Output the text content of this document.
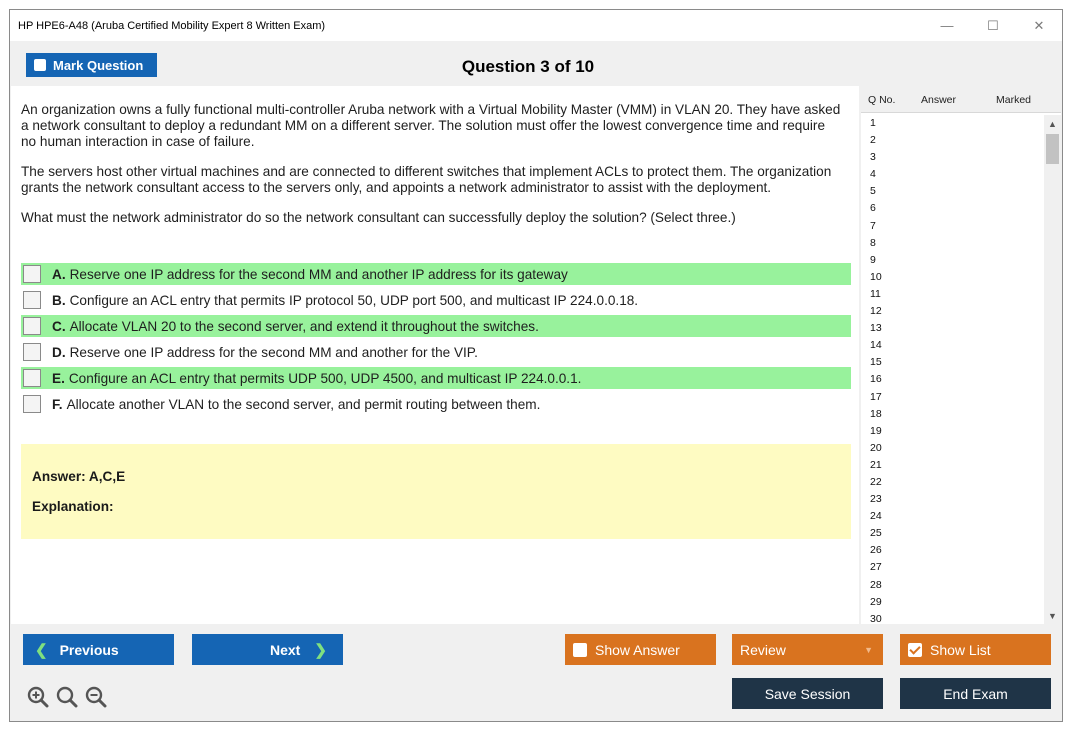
HP HPE6-A48 (Aruba Certified Mobility Expert 8 Written Exam)	—	☐	✕
Mark Question	Question 3 of 10

An organization owns a fully functional multi-controller Aruba network with a Virtual Mobility Master (VMM) in VLAN 20. They have asked a network consultant to deploy a redundant MM on a different server. The solution must offer the lowest convergence time and require no human interaction in case of failure.

The servers host other virtual machines and are connected to different switches that implement ACLs to protect them. The organization grants the network consultant access to the servers only, and appoints a network administrator to assist with the deployment.

What must the network administrator do so the network consultant can successfully deploy the solution? (Select three.)

A. Reserve one IP address for the second MM and another IP address for its gateway
B. Configure an ACL entry that permits IP protocol 50, UDP port 500, and multicast IP 224.0.0.18.
C. Allocate VLAN 20 to the second server, and extend it throughout the switches.
D. Reserve one IP address for the second MM and another for the VIP.
E. Configure an ACL entry that permits UDP 500, UDP 4500, and multicast IP 224.0.0.1.
F. Allocate another VLAN to the second server, and permit routing between them.
Answer: A,C,E
Explanation:
Q No. Answer	Marked
1
2
3
4
5
6
7
8
9
10
11
12
13
14
15
16
17
18
19
20
21
22
23
24
25
26
27
28
29
30
▲
▼
❮ Previous	Next ❯	Show Answer	Review	▼	Show List
Save Session	End Exam
